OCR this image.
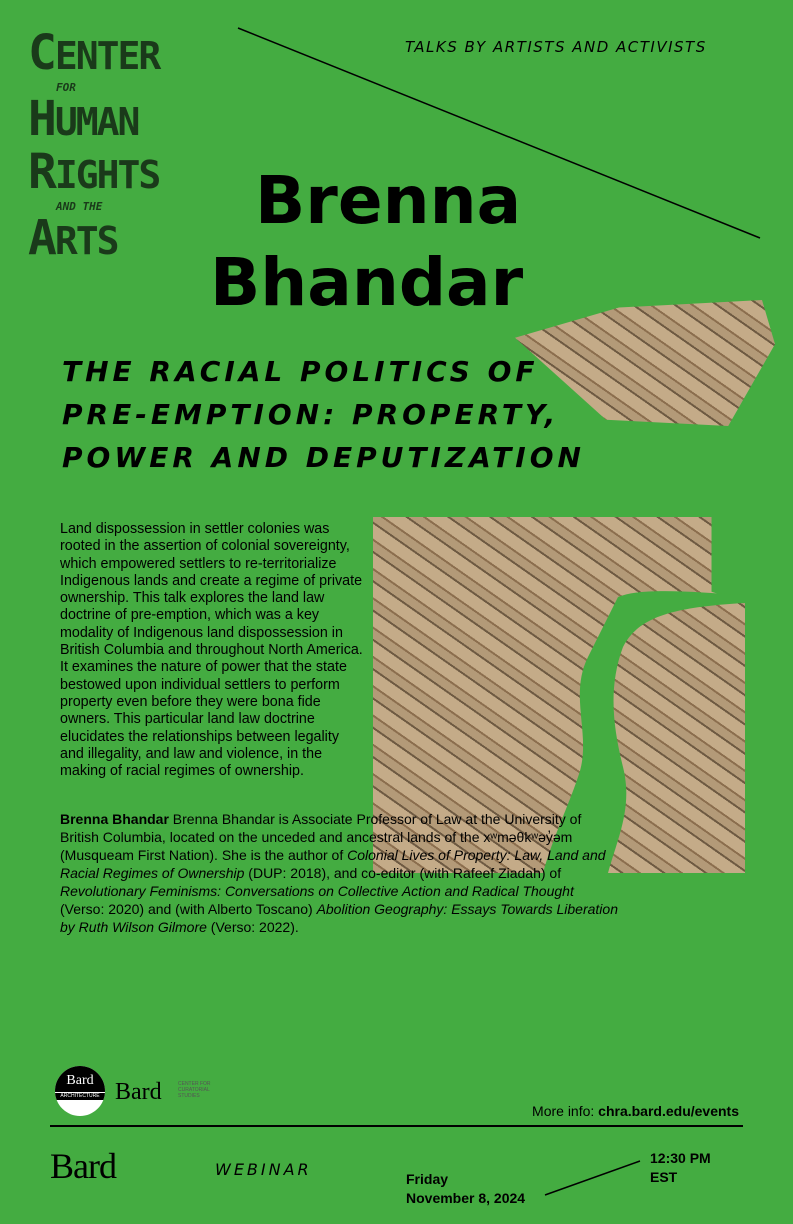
CENTER
FOR
HUMAN
RIGHTS
AND THE
ARTS
TALKS BY ARTISTS AND ACTIVISTS
Brenna
Bhandar
THE RACIAL POLITICS OF
PRE-EMPTION: PROPERTY,
POWER AND DEPUTIZATION
Land dispossession in settler colonies was rooted in the assertion of colonial sovereignty, which empowered settlers to re-territorialize Indigenous lands and create a regime of private ownership. This talk explores the land law doctrine of pre-emption, which was a key modality of Indigenous land dispossession in British Columbia and throughout North America. It examines the nature of power that the state bestowed upon individual settlers to perform property even before they were bona fide owners. This particular land law doctrine elucidates the relationships between legality and illegality, and law and violence, in the making of racial regimes of ownership.
Brenna Bhandar Brenna Bhandar is Associate Professor of Law at the University of British Columbia, located on the unceded and ancestral lands of the xʷməθkʷəy̓əm (Musqueam First Nation). She is the author of Colonial Lives of Property: Law, Land and Racial Regimes of Ownership (DUP: 2018), and co-editor (with Rafeef Ziadah) of Revolutionary Feminisms: Conversations on Collective Action and Radical Thought (Verso: 2020) and (with Alberto Toscano) Abolition Geography: Essays Towards Liberation by Ruth Wilson Gilmore (Verso: 2022).
Bard
ARCHITECTURE Bard	CENTER FOR
CURATORIAL
STUDIES
More info: chra.bard.edu/events
Bard	WEBINAR	Friday
November 8, 2024
12:30 PM
EST
